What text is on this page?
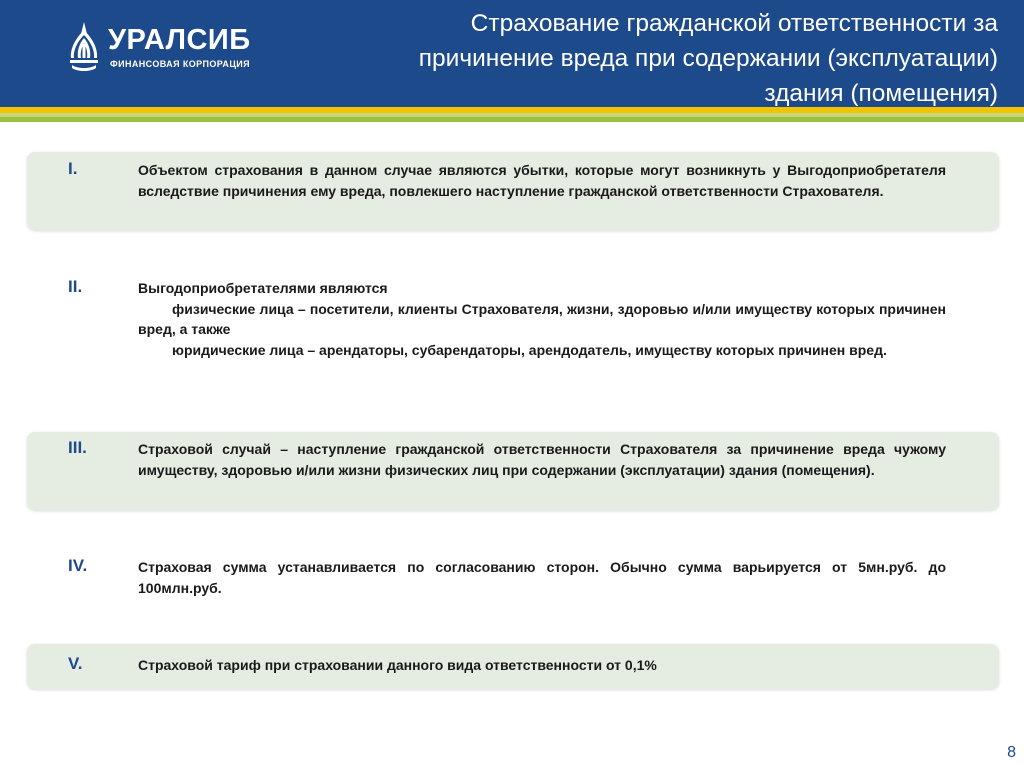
УРАЛСИБ
ФИНАНСОВАЯ КОРПОРАЦИЯ
Страхование гражданской ответственности за
причинение вреда при содержании (эксплуатации)
здания (помещения)
I.	Объектом страхования в данном случае являются убытки, которые могут возникнуть у Выгодоприобретателя вследствие причинения ему вреда, повлекшего наступление гражданской ответственности Страхователя.

II.	Выгодоприобретателями являются

физические лица – посетители, клиенты Страхователя, жизни, здоровью и/или имуществу которых причинен вред, а также

юридические лица – арендаторы, субарендаторы, арендодатель, имуществу которых причинен вред.

III.	Страховой случай – наступление гражданской ответственности Страхователя за причинение вреда чужому имуществу, здоровью и/или жизни физических лиц при содержании (эксплуатации) здания (помещения).

IV.	Страховая сумма устанавливается по согласованию сторон. Обычно сумма варьируется от 5мн.руб. до 100млн.руб.

V.	Страховой тариф при страховании данного вида ответственности от 0,1%

8
